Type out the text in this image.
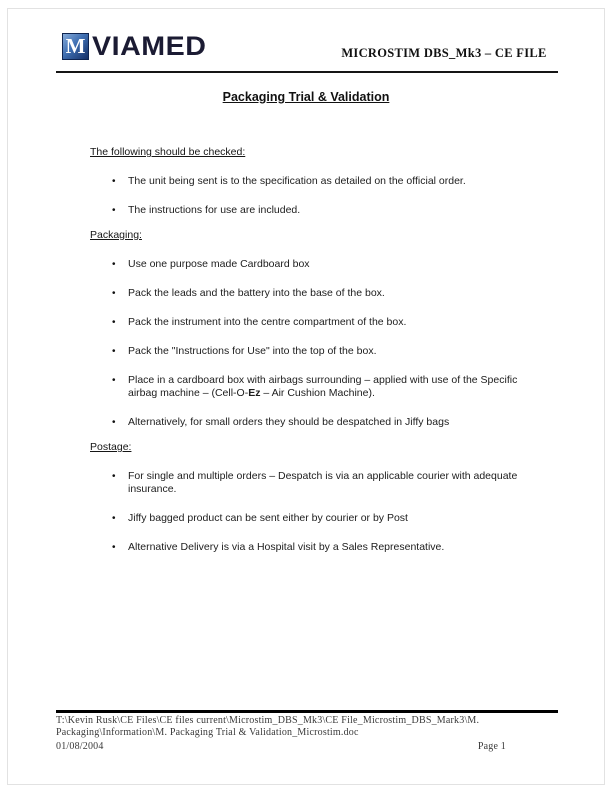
M VIAMED	MICROSTIM DBS_Mk3 – CE FILE
Packaging Trial & Validation
The following should be checked:
•	The unit being sent is to the specification as detailed on the official order.
•	The instructions for use are included.
Packaging:
•	Use one purpose made Cardboard box
•	Pack the leads and the battery into the base of the box.
•	Pack the instrument into the centre compartment of the box.
•	Pack the "Instructions for Use" into the top of the box.
•	Place in a cardboard box with airbags surrounding – applied with use of the Specific airbag machine – (Cell-O-Ez – Air Cushion Machine).
•	Alternatively, for small orders they should be despatched in Jiffy bags
Postage:
•	For single and multiple orders – Despatch is via an applicable courier with adequate insurance.
•	Jiffy bagged product can be sent either by courier or by Post
•	Alternative Delivery is via a Hospital visit by a Sales Representative.
T:\Kevin Rusk\CE Files\CE files current\Microstim_DBS_Mk3\CE File_Microstim_DBS_Mark3\M.
Packaging\Information\M. Packaging Trial & Validation_Microstim.doc
01/08/2004	Page 1
